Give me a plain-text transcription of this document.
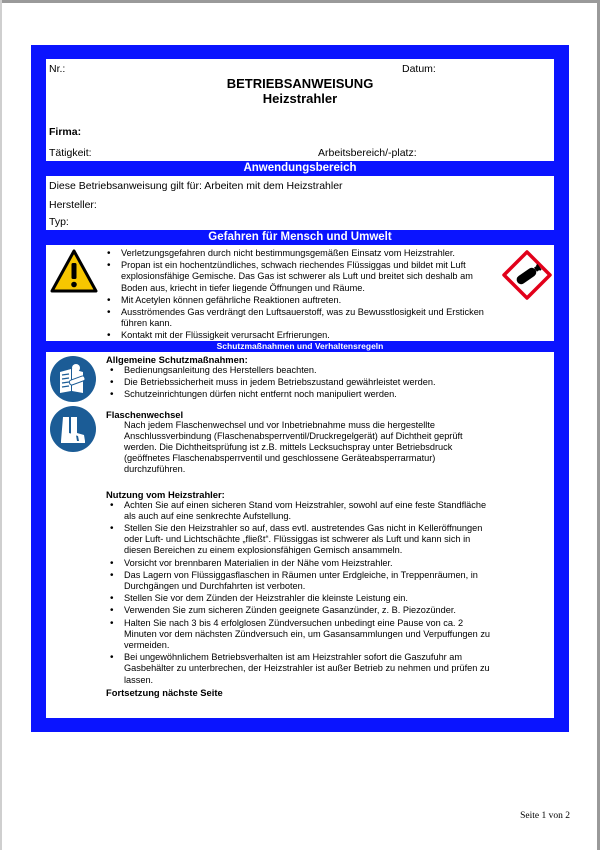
Nr.:	Datum:
BETRIEBSANWEISUNG
Heizstrahler
Firma:
Tätigkeit:	Arbeitsbereich/-platz:
Anwendungsbereich
Diese Betriebsanweisung gilt für: Arbeiten mit dem Heizstrahler
Hersteller:
Typ:
Gefahren für Mensch und Umwelt
• Verletzungsgefahren durch nicht bestimmungsgemäßen Einsatz vom Heizstrahler.
• Propan ist ein hochentzündliches, schwach riechendes Flüssiggas und bildet mit Luft explosionsfähige Gemische. Das Gas ist schwerer als Luft und breitet sich deshalb am Boden aus, kriecht in tiefer liegende Öffnungen und Räume.
• Mit Acetylen können gefährliche Reaktionen auftreten.
• Ausströmendes Gas verdrängt den Luftsauerstoff, was zu Bewusstlosigkeit und Ersticken führen kann.
• Kontakt mit der Flüssigkeit verursacht Erfrierungen.
Schutzmaßnahmen und Verhaltensregeln
Allgemeine Schutzmaßnahmen:
• Bedienungsanleitung des Herstellers beachten.
• Die Betriebssicherheit muss in jedem Betriebszustand gewährleistet werden.
• Schutzeinrichtungen dürfen nicht entfernt noch manipuliert werden.
Flaschenwechsel
Nach jedem Flaschenwechsel und vor Inbetriebnahme muss die hergestellte Anschlussverbindung (Flaschenabsperrventil/Druckregelgerät) auf Dichtheit geprüft werden. Die Dichtheitsprüfung ist z.B. mittels Lecksuchspray unter Betriebsdruck (geöffnetes Flaschenabsperrventil und geschlossene Geräteabsperrarmatur) durchzuführen.
Nutzung vom Heizstrahler:
• Achten Sie auf einen sicheren Stand vom Heizstrahler, sowohl auf eine feste Standfläche als auch auf eine senkrechte Aufstellung.
• Stellen Sie den Heizstrahler so auf, dass evtl. austretendes Gas nicht in Kelleröffnungen oder Luft- und Lichtschächte „fließt“. Flüssiggas ist schwerer als Luft und kann sich in diesen Bereichen zu einem explosionsfähigen Gemisch ansammeln.
• Vorsicht vor brennbaren Materialien in der Nähe vom Heizstrahler.
• Das Lagern von Flüssiggasflaschen in Räumen unter Erdgleiche, in Treppenräumen, in Durchgängen und Durchfahrten ist verboten.
• Stellen Sie vor dem Zünden der Heizstrahler die kleinste Leistung ein.
• Verwenden Sie zum sicheren Zünden geeignete Gasanzünder, z. B. Piezozünder.
• Halten Sie nach 3 bis 4 erfolglosen Zündversuchen unbedingt eine Pause von ca. 2 Minuten vor dem nächsten Zündversuch ein, um Gasansammlungen und Verpuffungen zu vermeiden.
• Bei ungewöhnlichem Betriebsverhalten ist am Heizstrahler sofort die Gaszufuhr am Gasbehälter zu unterbrechen, der Heizstrahler ist außer Betrieb zu nehmen und prüfen zu lassen.
Fortsetzung nächste Seite
Seite 1 von 2
